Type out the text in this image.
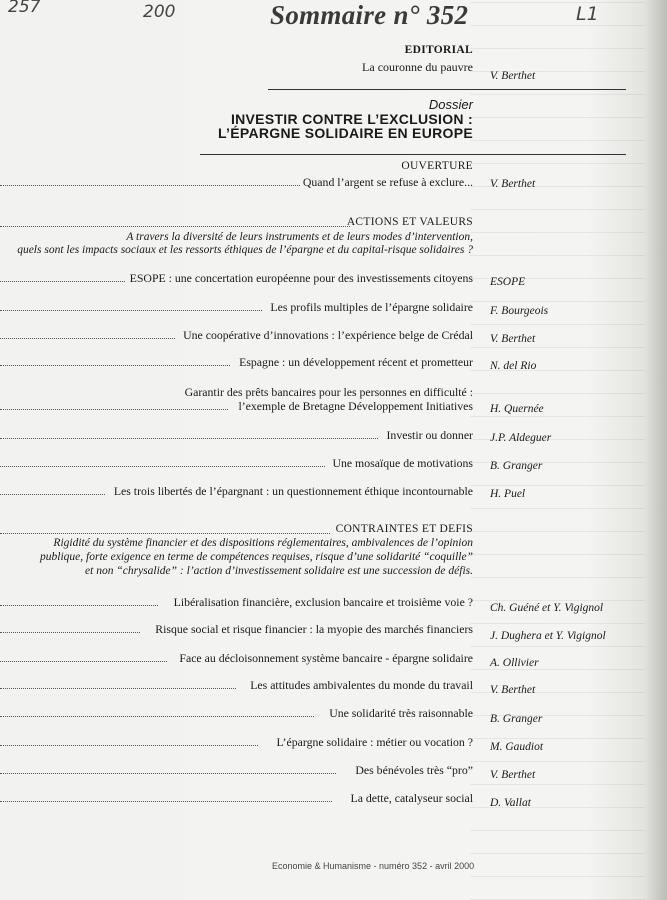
257	200	L1
Sommaire n° 352
EDITORIAL
La couronne du pauvre
V. Berthet
Dossier
INVESTIR CONTRE L’EXCLUSION :
L’ÉPARGNE SOLIDAIRE EN EUROPE
OUVERTURE
Quand l’argent se refuse à exclure... V. Berthet
ACTIONS ET VALEURS
A travers la diversité de leurs instruments et de leurs modes d’intervention,
quels sont les impacts sociaux et les ressorts éthiques de l’épargne et du capital-risque solidaires ?
ESOPE : une concertation européenne pour des investissements citoyens ESOPE
Les profils multiples de l’épargne solidaire F. Bourgeois
Une coopérative d’innovations : l’expérience belge de Crédal V. Berthet
Espagne : un développement récent et prometteur N. del Rio
Garantir des prêts bancaires pour les personnes en difficulté :
l’exemple de Bretagne Développement Initiatives H. Quernée
Investir ou donner J.P. Aldeguer
Une mosaïque de motivations B. Granger
Les trois libertés de l’épargnant : un questionnement éthique incontournable H. Puel
CONTRAINTES ET DEFIS
Rigidité du système financier et des dispositions réglementaires, ambivalences de l’opinion
publique, forte exigence en terme de compétences requises, risque d’une solidarité “coquille”
et non “chrysalide” : l’action d’investissement solidaire est une succession de défis.
Libéralisation financière, exclusion bancaire et troisième voie ? Ch. Guéné et Y. Vigignol
Risque social et risque financier : la myopie des marchés financiers J. Dughera et Y. Vigignol
Face au décloisonnement système bancaire - épargne solidaire A. Ollivier
Les attitudes ambivalentes du monde du travail V. Berthet
Une solidarité très raisonnable B. Granger
L’épargne solidaire : métier ou vocation ? M. Gaudiot
Des bénévoles très “pro” V. Berthet
La dette, catalyseur social D. Vallat
Economie & Humanisme - numéro 352 - avril 2000
